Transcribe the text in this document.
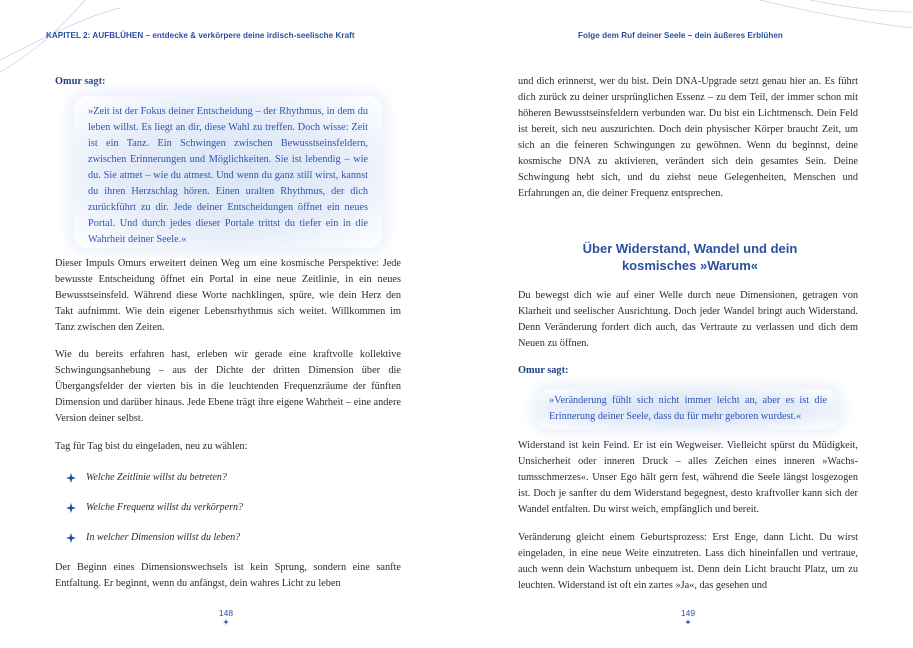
KAPITEL 2: AUFBLÜHEN – entdecke & verkörpere deine irdisch-seelische Kraft
Omur sagt:

»Zeit ist der Fokus deiner Entscheidung – der Rhythmus, in dem du leben willst. Es liegt an dir, diese Wahl zu treffen. Doch wisse: Zeit ist ein Tanz. Ein Schwingen zwischen Bewusstseinsfeldern, zwischen Erinnerungen und Möglichkeiten. Sie ist lebendig – wie du. Sie atmet – wie du atmest. Und wenn du ganz still wirst, kannst du ihren Herzschlag hören. Einen uralten Rhythmus, der dich zurückführt zu dir. Jede deiner Entscheidungen öffnet ein neues Portal. Und durch jedes dieser Portale trittst du tiefer ein in die Wahrheit deiner Seele.«

Dieser Impuls Omurs erweitert deinen Weg um eine kosmische Perspektive: Jede bewusste Entscheidung öffnet ein Portal in eine neue Zeitlinie, in ein neues Bewusstseinsfeld. Während diese Worte nachklingen, spüre, wie dein Herz den Takt aufnimmt. Wie dein eigener Lebensrhythmus sich weitet. Willkommen im Tanz zwischen den Zeiten.

Wie du bereits erfahren hast, erleben wir gerade eine kraftvolle kollektive Schwingungsanhebung – aus der Dichte der dritten Dimension über die Übergangsfelder der vierten bis in die leuchtenden Frequenzräume der fünften Dimension und darüber hinaus. Jede Ebene trägt ihre eigene Wahrheit – eine andere Version deiner selbst.

Tag für Tag bist du eingeladen, neu zu wählen:

Welche Zeitlinie willst du betreten?
Welche Frequenz willst du verkörpern?
In welcher Dimension willst du leben?

Der Beginn eines Dimensionswechsels ist kein Sprung, sondern eine sanfte Entfaltung. Er beginnt, wenn du anfängst, dein wahres Licht zu leben

148
Folge dem Ruf deiner Seele – dein äußeres Erblühen

und dich erinnerst, wer du bist. Dein DNA-Upgrade setzt genau hier an. Es führt dich zurück zu deiner ursprünglichen Essenz – zu dem Teil, der immer schon mit höheren Bewusstseinsfeldern verbunden war. Du bist ein Lichtmensch. Dein Feld ist bereit, sich neu auszurichten. Doch dein physischer Körper braucht Zeit, um sich an die feineren Schwingungen zu gewöhnen. Wenn du beginnst, deine kosmische DNA zu aktivieren, verändert sich dein gesamtes Sein. Deine Schwingung hebt sich, und du ziehst neue Gelegenheiten, Menschen und Erfahrungen an, die deiner Frequenz entsprechen.

Über Widerstand, Wandel und dein
kosmisches »Warum«

Du bewegst dich wie auf einer Welle durch neue Dimensionen, getragen von Klarheit und seelischer Ausrichtung. Doch jeder Wandel bringt auch Widerstand. Denn Veränderung fordert dich auch, das Vertraute zu verlassen und dich dem Neuen zu öffnen.

Omur sagt:

»Veränderung fühlt sich nicht immer leicht an, aber es ist die Erinnerung deiner Seele, dass du für mehr geboren wurdest.«

Widerstand ist kein Feind. Er ist ein Wegweiser. Vielleicht spürst du Müdigkeit, Unsicherheit oder inneren Druck – alles Zeichen eines inneren »Wachstumsschmerzes«. Unser Ego hält gern fest, während die Seele längst losgezogen ist. Doch je sanfter du dem Widerstand begegnest, desto kraftvoller kann sich der Wandel entfalten. Du wirst weich, empfänglich und bereit.

Veränderung gleicht einem Geburtsprozess: Erst Enge, dann Licht. Du wirst eingeladen, in eine neue Weite einzutreten. Lass dich hineinfallen und vertraue, auch wenn dein Wachstum unbequem ist. Denn dein Licht braucht Platz, um zu leuchten. Widerstand ist oft ein zartes »Ja«, das gesehen und

149
